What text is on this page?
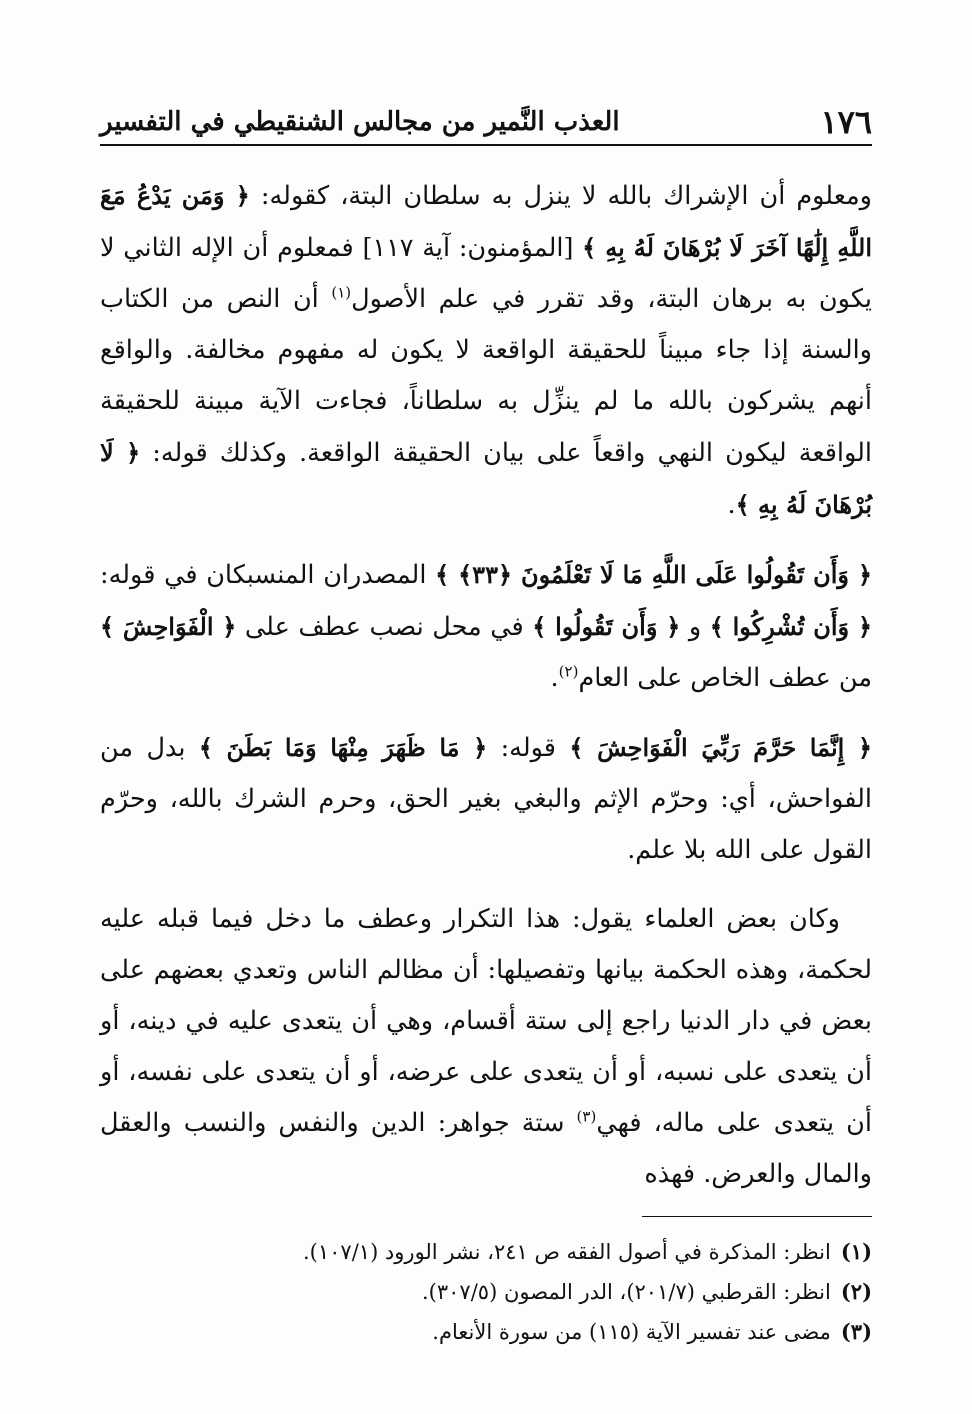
١٧٦
العذب النَّمير من مجالس الشنقيطي في التفسير

ومعلوم أن الإشراك بالله لا ينزل به سلطان البتة، كقوله: ﴿ وَمَن يَدْعُ مَعَ اللَّهِ إِلَٰهًا آخَرَ لَا بُرْهَانَ لَهُ بِهِ ﴾ [المؤمنون: آية ١١٧] فمعلوم أن الإله الثاني لا يكون به برهان البتة، وقد تقرر في علم الأصول$^{(١)}$ أن النص من الكتاب والسنة إذا جاء مبيناً للحقيقة الواقعة لا يكون له مفهوم مخالفة. والواقع أنهم يشركون بالله ما لم ينزِّل به سلطاناً، فجاءت الآية مبينة للحقيقة الواقعة ليكون النهي واقعاً على بيان الحقيقة الواقعة. وكذلك قوله: ﴿ لَا بُرْهَانَ لَهُ بِهِ ﴾.

﴿ وَأَن تَقُولُوا عَلَى اللَّهِ مَا لَا تَعْلَمُونَ ﴿٣٣﴾ ﴾ المصدران المنسبكان في قوله: ﴿ وَأَن تُشْرِكُوا ﴾ و ﴿ وَأَن تَقُولُوا ﴾ في محل نصب عطف على ﴿ الْفَوَاحِشَ ﴾ من عطف الخاص على العام$^{(٢)}$.

﴿ إِنَّمَا حَرَّمَ رَبِّيَ الْفَوَاحِشَ ﴾ قوله: ﴿ مَا ظَهَرَ مِنْهَا وَمَا بَطَنَ ﴾ بدل من الفواحش، أي: وحرّم الإثم والبغي بغير الحق، وحرم الشرك بالله، وحرّم القول على الله بلا علم.

وكان بعض العلماء يقول: هذا التكرار وعطف ما دخل فيما قبله عليه لحكمة، وهذه الحكمة بيانها وتفصيلها: أن مظالم الناس وتعدي بعضهم على بعض في دار الدنيا راجع إلى ستة أقسام، وهي أن يتعدى عليه في دينه، أو أن يتعدى على نسبه، أو أن يتعدى على عرضه، أو أن يتعدى على نفسه، أو أن يتعدى على ماله، فهي$^{(٣)}$ ستة جواهر: الدين والنفس والنسب والعقل والمال والعرض. فهذه

(١)انظر: المذكرة في أصول الفقه ص ٢٤١، نشر الورود (١٠٧/١).
(٢)انظر: القرطبي (٢٠١/٧)، الدر المصون (٣٠٧/٥).
(٣)مضى عند تفسير الآية (١١٥) من سورة الأنعام.
